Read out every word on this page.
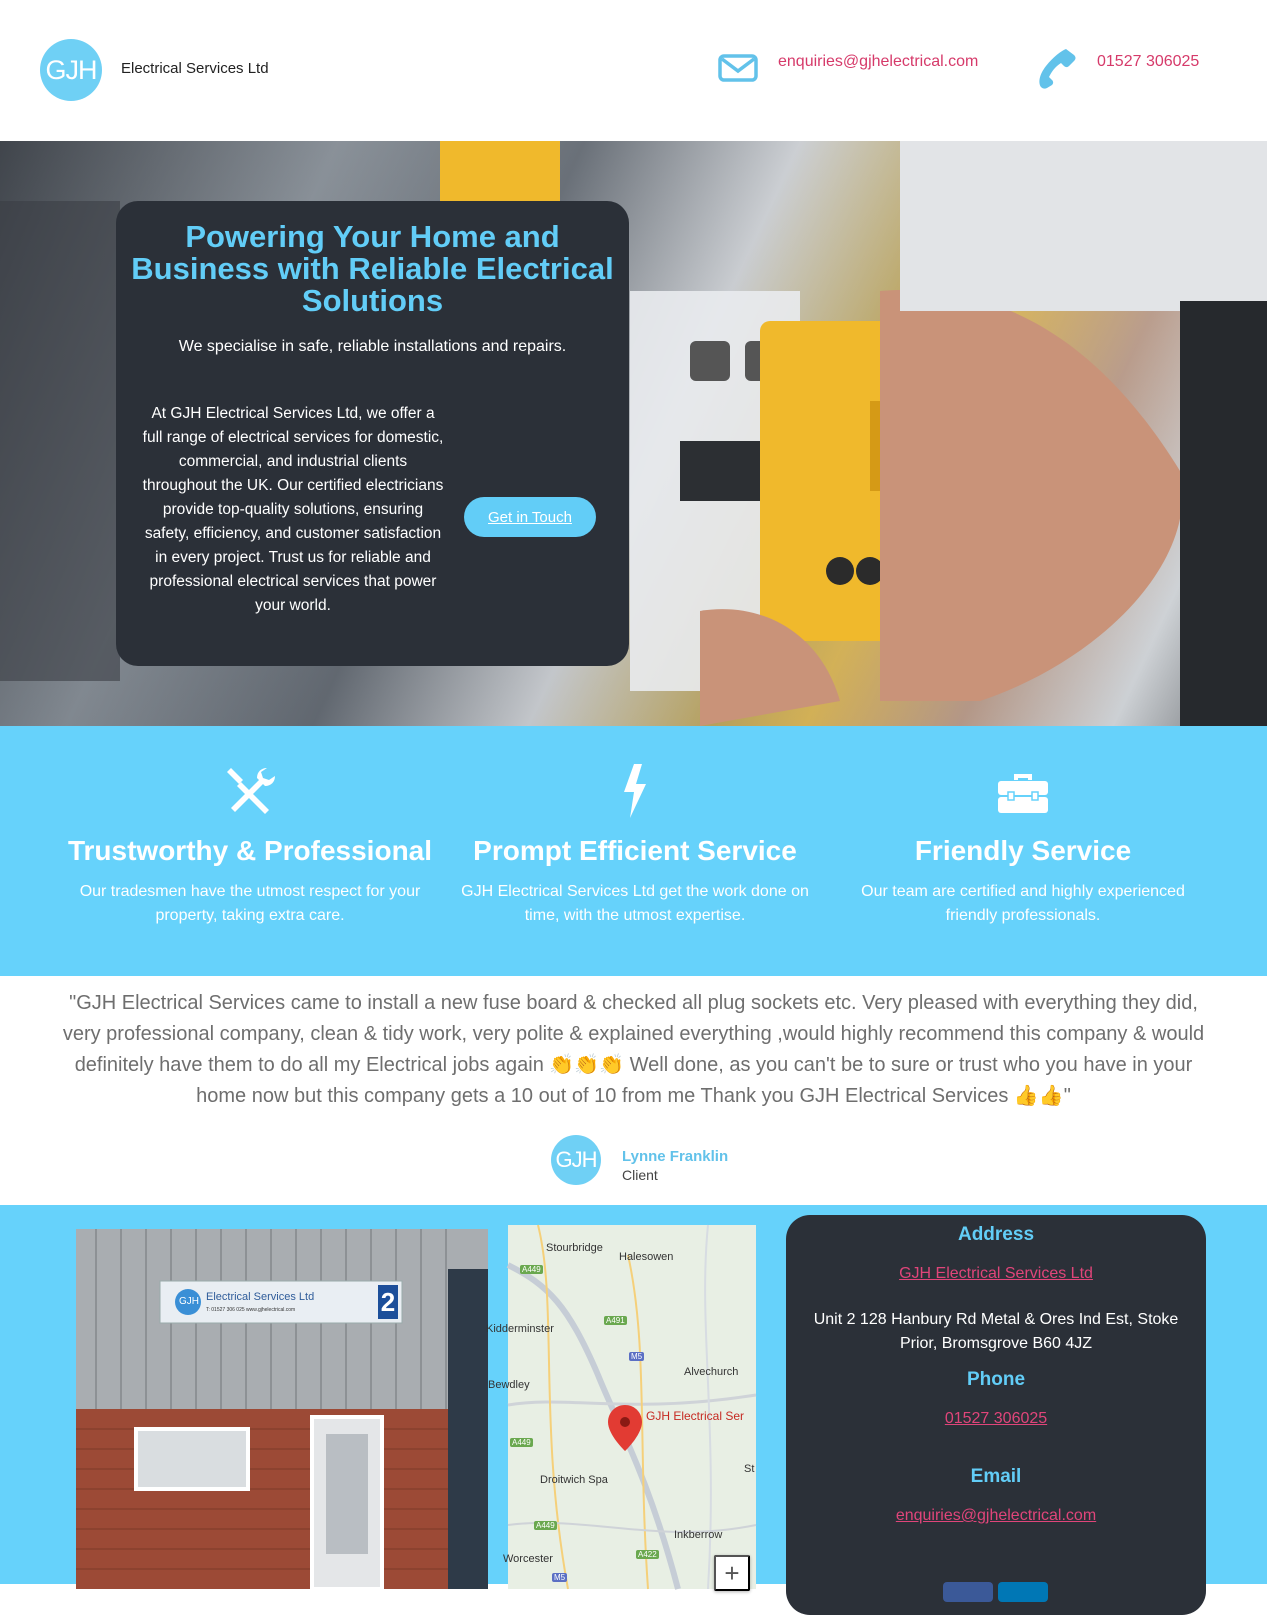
GJH	Electrical Services Ltd	enquiries@gjhelectrical.com	01527 306025
Powering Your Home and Business with Reliable Electrical Solutions

We specialise in safe, reliable installations and repairs.

At GJH Electrical Services Ltd, we offer a full range of electrical services for domestic, commercial, and industrial clients throughout the UK. Our certified electricians provide top-quality solutions, ensuring safety, efficiency, and customer satisfaction in every project. Trust us for reliable and professional electrical services that power your world.

Get in Touch
Trustworthy & Professional

Our tradesmen have the utmost respect for your property, taking extra care.

Prompt Efficient Service

GJH Electrical Services Ltd get the work done on time, with the utmost expertise.

Friendly Service

Our team are certified and highly experienced friendly professionals.

"GJH Electrical Services came to install a new fuse board & checked all plug sockets etc. Very pleased with everything they did, very professional company, clean & tidy work, very polite & explained everything ,would highly recommend this company & would definitely have them to do all my Electrical jobs again 👏👏👏 Well done, as you can't be to sure or trust who you have in your home now but this company gets a 10 out of 10 from me Thank you GJH Electrical Services 👍👍"

GJH	Lynne Franklin
Client
GJH Electrical Services Ltd
T: 01527 306 025 www.gjhelectrical.com	2
Stourbridge
Halesowen
Kidderminster
Alvechurch
Bewdley
GJH Electrical Ser
Droitwich Spa
Inkberrow
Worcester
St
A449
A491
M5
A449
A449
M5
A422
+
Address
GJH Electrical Services Ltd

Unit 2 128 Hanbury Rd Metal & Ores Ind Est, Stoke Prior, Bromsgrove B60 4JZ

Phone
01527 306025
Email
enquiries@gjhelectrical.com
